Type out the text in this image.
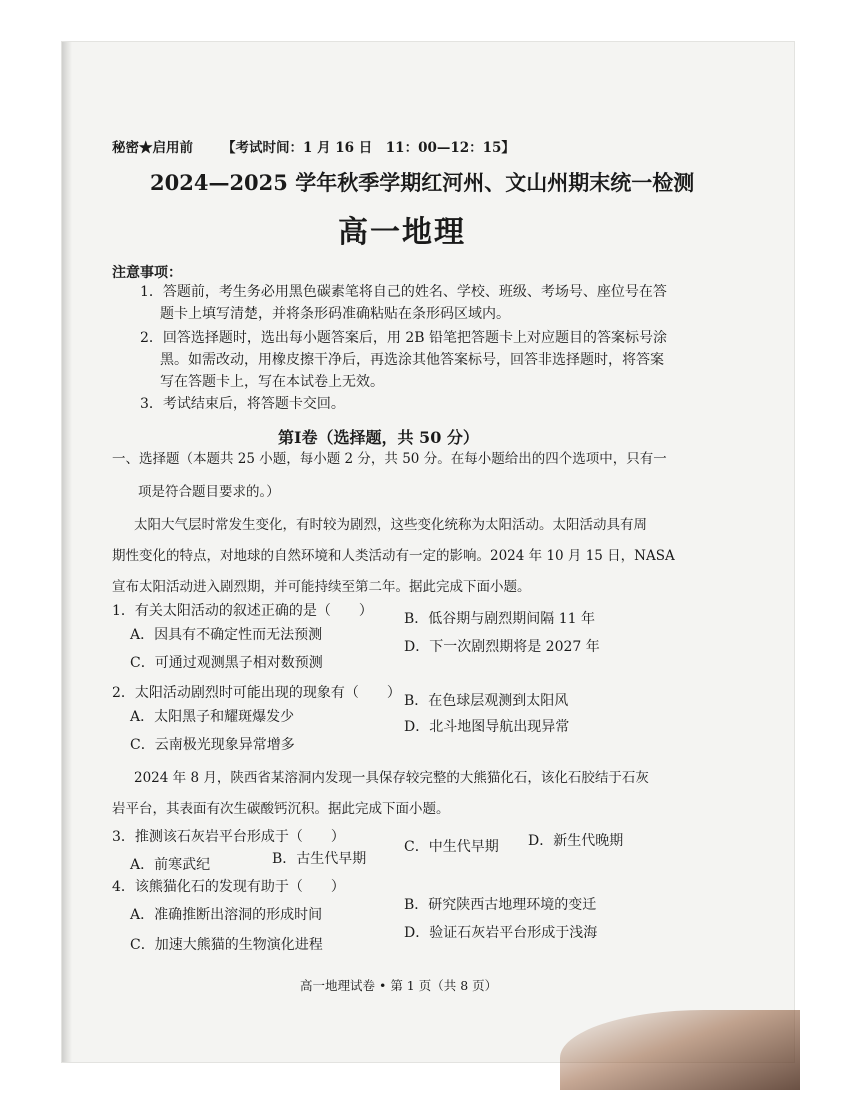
秘密★启用前 【考试时间：1 月 16 日　11：00—12：15】
2024—2025 学年秋季学期红河州、文山州期末统一检测
高一地理
注意事项：
1．答题前，考生务必用黑色碳素笔将自己的姓名、学校、班级、考场号、座位号在答
题卡上填写清楚，并将条形码准确粘贴在条形码区域内。
2．回答选择题时，选出每小题答案后，用 2B 铅笔把答题卡上对应题目的答案标号涂
黑。如需改动，用橡皮擦干净后，再选涂其他答案标号，回答非选择题时，将答案
写在答题卡上，写在本试卷上无效。
3．考试结束后，将答题卡交回。
第Ⅰ卷（选择题，共 50 分）
一、选择题（本题共 25 小题，每小题 2 分，共 50 分。在每小题给出的四个选项中，只有一
项是符合题目要求的。）
太阳大气层时常发生变化，有时较为剧烈，这些变化统称为太阳活动。太阳活动具有周
期性变化的特点，对地球的自然环境和人类活动有一定的影响。2024 年 10 月 15 日，NASA
宣布太阳活动进入剧烈期，并可能持续至第二年。据此完成下面小题。
1．有关太阳活动的叙述正确的是（　　）
A．因具有不确定性而无法预测
B．低谷期与剧烈期间隔 11 年
C．可通过观测黑子相对数预测
D．下一次剧烈期将是 2027 年
2．太阳活动剧烈时可能出现的现象有（　　）
A．太阳黑子和耀斑爆发少
B．在色球层观测到太阳风
C．云南极光现象异常增多
D．北斗地图导航出现异常
2024 年 8 月，陕西省某溶洞内发现一具保存较完整的大熊猫化石，该化石胶结于石灰
岩平台，其表面有次生碳酸钙沉积。据此完成下面小题。
3．推测该石灰岩平台形成于（　　）
A．前寒武纪	B．古生代早期
C．中生代早期 D．新生代晚期
4．该熊猫化石的发现有助于（　　）
A．准确推断出溶洞的形成时间
B．研究陕西古地理环境的变迁
C．加速大熊猫的生物演化进程
D．验证石灰岩平台形成于浅海
高一地理试卷 • 第 1 页（共 8 页）
